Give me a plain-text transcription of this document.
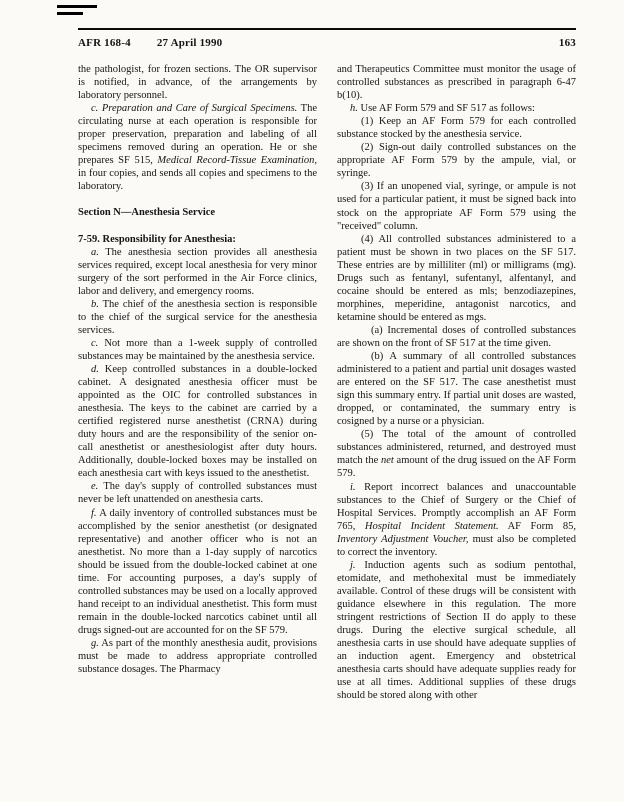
AFR 168-4 27 April 1990	163

the pathologist, for frozen sections. The OR supervisor is notified, in advance, of the arrangements by laboratory personnel.

c. Preparation and Care of Surgical Specimens. The circulating nurse at each operation is responsible for proper preservation, preparation and labeling of all specimens removed during an operation. He or she prepares SF 515, Medical Record-Tissue Examination, in four copies, and sends all copies and specimens to the laboratory.

Section N—Anesthesia Service

7-59. Responsibility for Anesthesia:

a. The anesthesia section provides all anesthesia services required, except local anesthesia for very minor surgery of the sort performed in the Air Force clinics, labor and delivery, and emergency rooms.

b. The chief of the anesthesia section is responsible to the chief of the surgical service for the anesthesia services.

c. Not more than a 1-week supply of controlled substances may be maintained by the anesthesia service.

d. Keep controlled substances in a double-locked cabinet. A designated anesthesia officer must be appointed as the OIC for controlled substances in anesthesia. The keys to the cabinet are carried by a certified registered nurse anesthetist (CRNA) during duty hours and are the responsibility of the senior on-call anesthetist or anesthesiologist after duty hours. Additionally, double-locked boxes may be installed on each anesthesia cart with keys issued to the anesthetist.

e. The day's supply of controlled substances must never be left unattended on anesthesia carts.

f. A daily inventory of controlled substances must be accomplished by the senior anesthetist (or designated representative) and another officer who is not an anesthetist. No more than a 1-day supply of narcotics should be issued from the double-locked cabinet at one time. For accounting purposes, a day's supply of controlled substances may be used on a locally approved hand receipt to an individual anesthetist. This form must remain in the double-locked narcotics cabinet until all drugs signed-out are accounted for on the SF 579.

g. As part of the monthly anesthesia audit, provisions must be made to address appropriate controlled substance dosages. The Pharmacy

and Therapeutics Committee must monitor the usage of controlled substances as prescribed in paragraph 6-47 b(10).

h. Use AF Form 579 and SF 517 as follows:

(1) Keep an AF Form 579 for each controlled substance stocked by the anesthesia service.

(2) Sign-out daily controlled substances on the appropriate AF Form 579 by the ampule, vial, or syringe.

(3) If an unopened vial, syringe, or ampule is not used for a particular patient, it must be signed back into stock on the appropriate AF Form 579 using the "received" column.

(4) All controlled substances administered to a patient must be shown in two places on the SF 517. These entries are by milliliter (ml) or milligrams (mg). Drugs such as fentanyl, sufentanyl, alfentanyl, and cocaine should be entered as mls; benzodiazepines, morphines, meperidine, antagonist narcotics, and ketamine should be entered as mgs.

(a) Incremental doses of controlled substances are shown on the front of SF 517 at the time given.

(b) A summary of all controlled substances administered to a patient and partial unit dosages wasted are entered on the SF 517. The case anesthetist must sign this summary entry. If partial unit doses are wasted, dropped, or contaminated, the summary entry is cosigned by a nurse or a physician.

(5) The total of the amount of controlled substances administered, returned, and destroyed must match the net amount of the drug issued on the AF Form 579.

i. Report incorrect balances and unaccountable substances to the Chief of Surgery or the Chief of Hospital Services. Promptly accomplish an AF Form 765, Hospital Incident Statement. AF Form 85, Inventory Adjustment Voucher, must also be completed to correct the inventory.

j. Induction agents such as sodium pentothal, etomidate, and methohexital must be immediately available. Control of these drugs will be consistent with guidance elsewhere in this regulation. The more stringent restrictions of Section II do apply to these drugs. During the elective surgical schedule, all anesthesia carts in use should have adequate supplies of an induction agent. Emergency and obstetrical anesthesia carts should have adequate supplies ready for use at all times. Additional supplies of these drugs should be stored along with other
